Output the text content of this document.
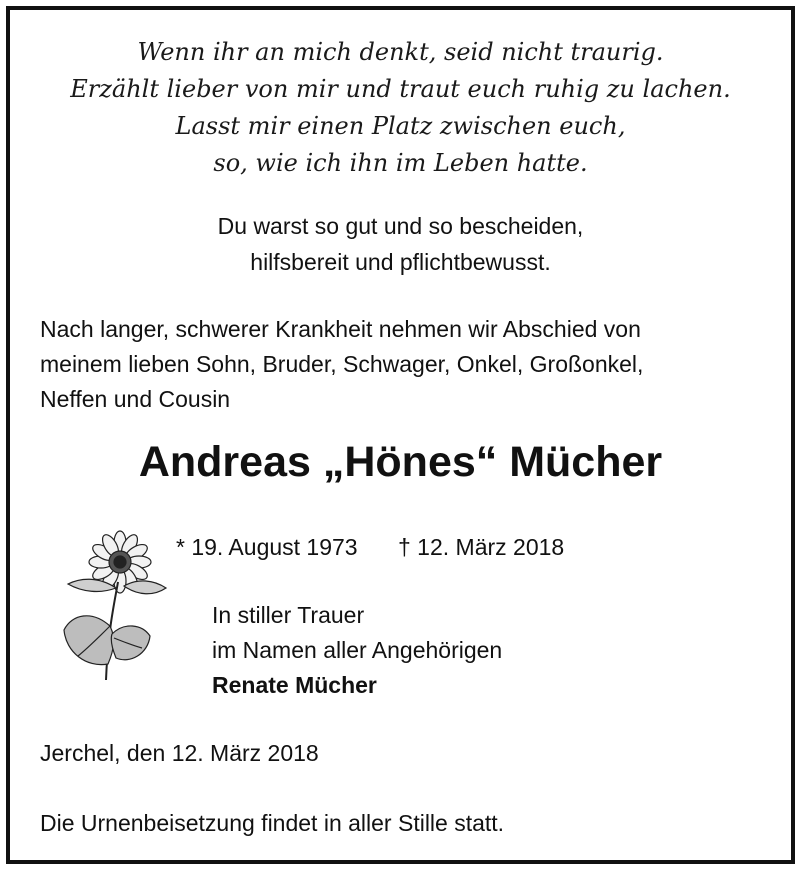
Wenn ihr an mich denkt, seid nicht traurig.
Erzählt lieber von mir und traut euch ruhig zu lachen.
Lasst mir einen Platz zwischen euch,
so, wie ich ihn im Leben hatte.
Du warst so gut und so bescheiden,
hilfsbereit und pflichtbewusst.
Nach langer, schwerer Krankheit nehmen wir Abschied von
meinem lieben Sohn, Bruder, Schwager, Onkel, Großonkel,
Neffen und Cousin
Andreas „Hönes“ Mücher
* 19. August 1973 † 12. März 2018
In stiller Trauer
im Namen aller Angehörigen
Renate Mücher
Jerchel, den 12. März 2018
Die Urnenbeisetzung findet in aller Stille statt.
